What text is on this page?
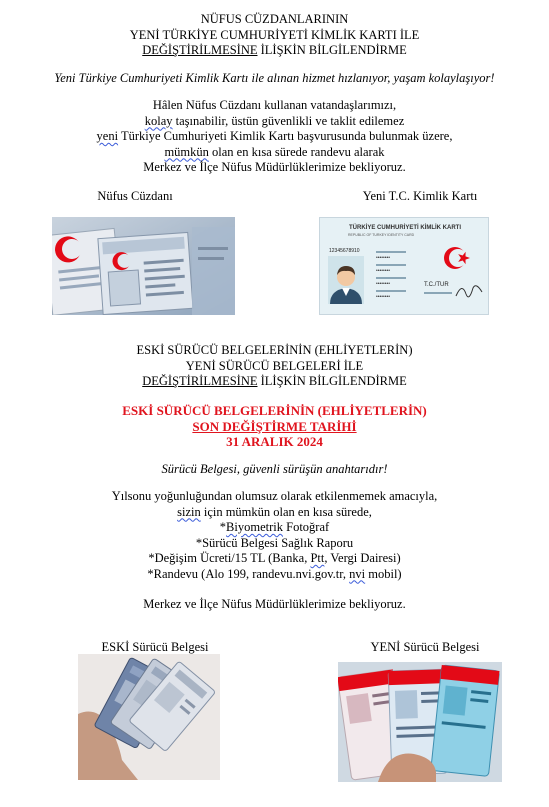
NÜFUS CÜZDANLARININ
YENİ TÜRKİYE CUMHURİYETİ KİMLİK KARTI İLE
DEĞİŞTİRİLMESİNE İLİŞKİN BİLGİLENDİRME
Yeni Türkiye Cumhuriyeti Kimlik Kartı ile alınan hizmet hızlanıyor, yaşam kolaylaşıyor!
Hâlen Nüfus Cüzdanı kullanan vatandaşlarımızı,
kolay taşınabilir, üstün güvenlikli ve taklit edilemez
yeni Türkiye Cumhuriyeti Kimlik Kartı başvurusunda bulunmak üzere,
mümkün olan en kısa sürede randevu alarak
Merkez ve İlçe Nüfus Müdürlüklerimize bekliyoruz.
Nüfus Cüzdanı	Yeni T.C. Kimlik Kartı
TÜRKİYE CUMHURİYETİ KİMLİK KARTI
REPUBLIC OF TURKEY IDENTITY CARD
12345678910
••••••••
••••••••
••••••••
••••••••
T.C./TUR
ESKİ SÜRÜCÜ BELGELERİNİN (EHLİYETLERİN)
YENİ SÜRÜCÜ BELGELERİ İLE
DEĞİŞTİRİLMESİNE İLİŞKİN BİLGİLENDİRME
ESKİ SÜRÜCÜ BELGELERİNİN (EHLİYETLERİN)
SON DEĞİŞTİRME TARİHİ
31 ARALIK 2024
Sürücü Belgesi, güvenli sürüşün anahtarıdır!
Yılsonu yoğunluğundan olumsuz olarak etkilenmemek amacıyla,
sizin için mümkün olan en kısa sürede,
*Biyometrik Fotoğraf
*Sürücü Belgesi Sağlık Raporu
*Değişim Ücreti/15 TL (Banka, Ptt, Vergi Dairesi)
*Randevu (Alo 199, randevu.nvi.gov.tr, nvi mobil)
Merkez ve İlçe Nüfus Müdürlüklerimize bekliyoruz.
ESKİ Sürücü Belgesi	YENİ Sürücü Belgesi
